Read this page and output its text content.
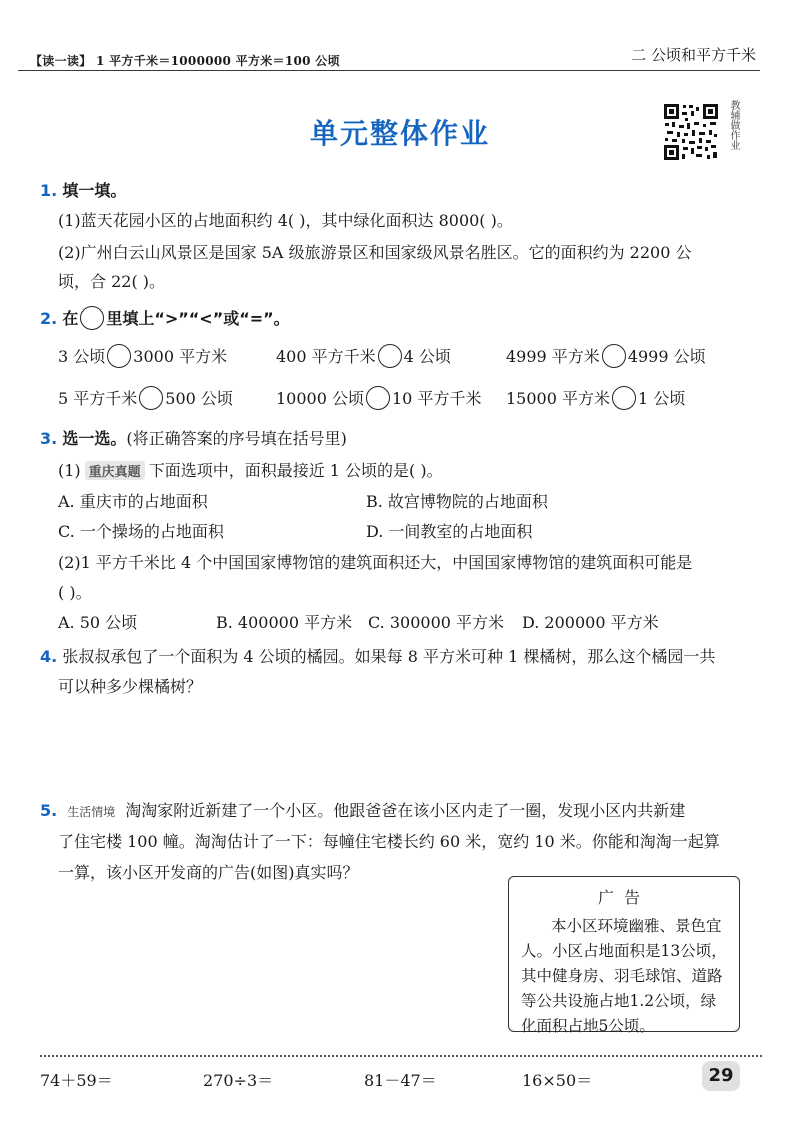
【读一读】 1 平方千米＝1000000 平方米＝100 公顷	二 公顷和平方千米
单元整体作业	教辅做作业
1. 填一填。
(1)蓝天花园小区的占地面积约 4( )，其中绿化面积达 8000( )。
(2)广州白云山风景区是国家 5A 级旅游景区和国家级风景名胜区。它的面积约为 2200 公
顷，合 22( )。
2. 在 里填上“>”“<”或“=”。
3 公顷 3000 平方米	400 平方千米 4 公顷	4999 平方米 4999 公顷
5 平方千米 500 公顷	10000 公顷 10 平方千米 15000 平方米 1 公顷
3. 选一选。(将正确答案的序号填在括号里)
(1) 重庆真题 下面选项中，面积最接近 1 公顷的是( )。
A. 重庆市的占地面积	B. 故宫博物院的占地面积
C. 一个操场的占地面积	D. 一间教室的占地面积
(2)1 平方千米比 4 个中国国家博物馆的建筑面积还大，中国国家博物馆的建筑面积可能是
( )。
A. 50 公顷	B. 400000 平方米 C. 300000 平方米 D. 200000 平方米
4. 张叔叔承包了一个面积为 4 公顷的橘园。如果每 8 平方米可种 1 棵橘树，那么这个橘园一共
可以种多少棵橘树？
5. 生活情境 淘淘家附近新建了一个小区。他跟爸爸在该小区内走了一圈，发现小区内共新建
了住宅楼 100 幢。淘淘估计了一下：每幢住宅楼长约 60 米，宽约 10 米。你能和淘淘一起算
一算，该小区开发商的广告(如图)真实吗？
广告
本小区环境幽雅、景色宜人。小区占地面积是13公顷，其中健身房、羽毛球馆、道路等公共设施占地1.2公顷，绿化面积占地5公顷。
74＋59＝	270÷3＝	81－47＝	16×50＝	29
